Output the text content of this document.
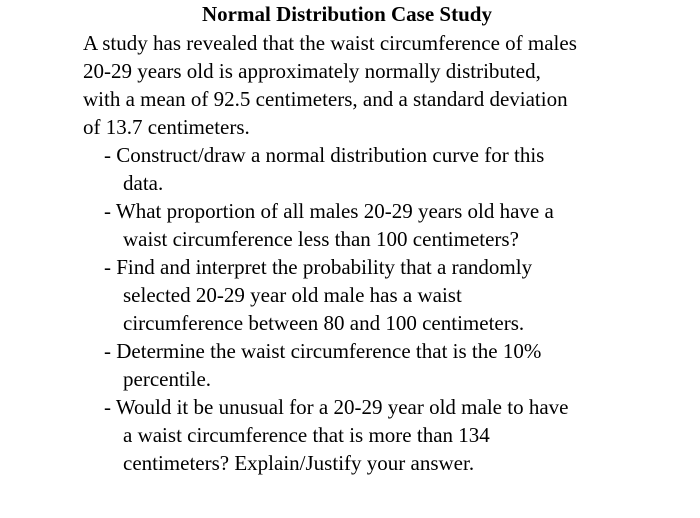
Normal Distribution Case Study
A study has revealed that the waist circumference of males
20-29 years old is approximately normally distributed,
with a mean of 92.5 centimeters, and a standard deviation
of 13.7 centimeters.
- Construct/draw a normal distribution curve for this
data.
- What proportion of all males 20-29 years old have a
waist circumference less than 100 centimeters?
- Find and interpret the probability that a randomly
selected 20-29 year old male has a waist
circumference between 80 and 100 centimeters.
- Determine the waist circumference that is the 10%
percentile.
- Would it be unusual for a 20-29 year old male to have
a waist circumference that is more than 134
centimeters? Explain/Justify your answer.
